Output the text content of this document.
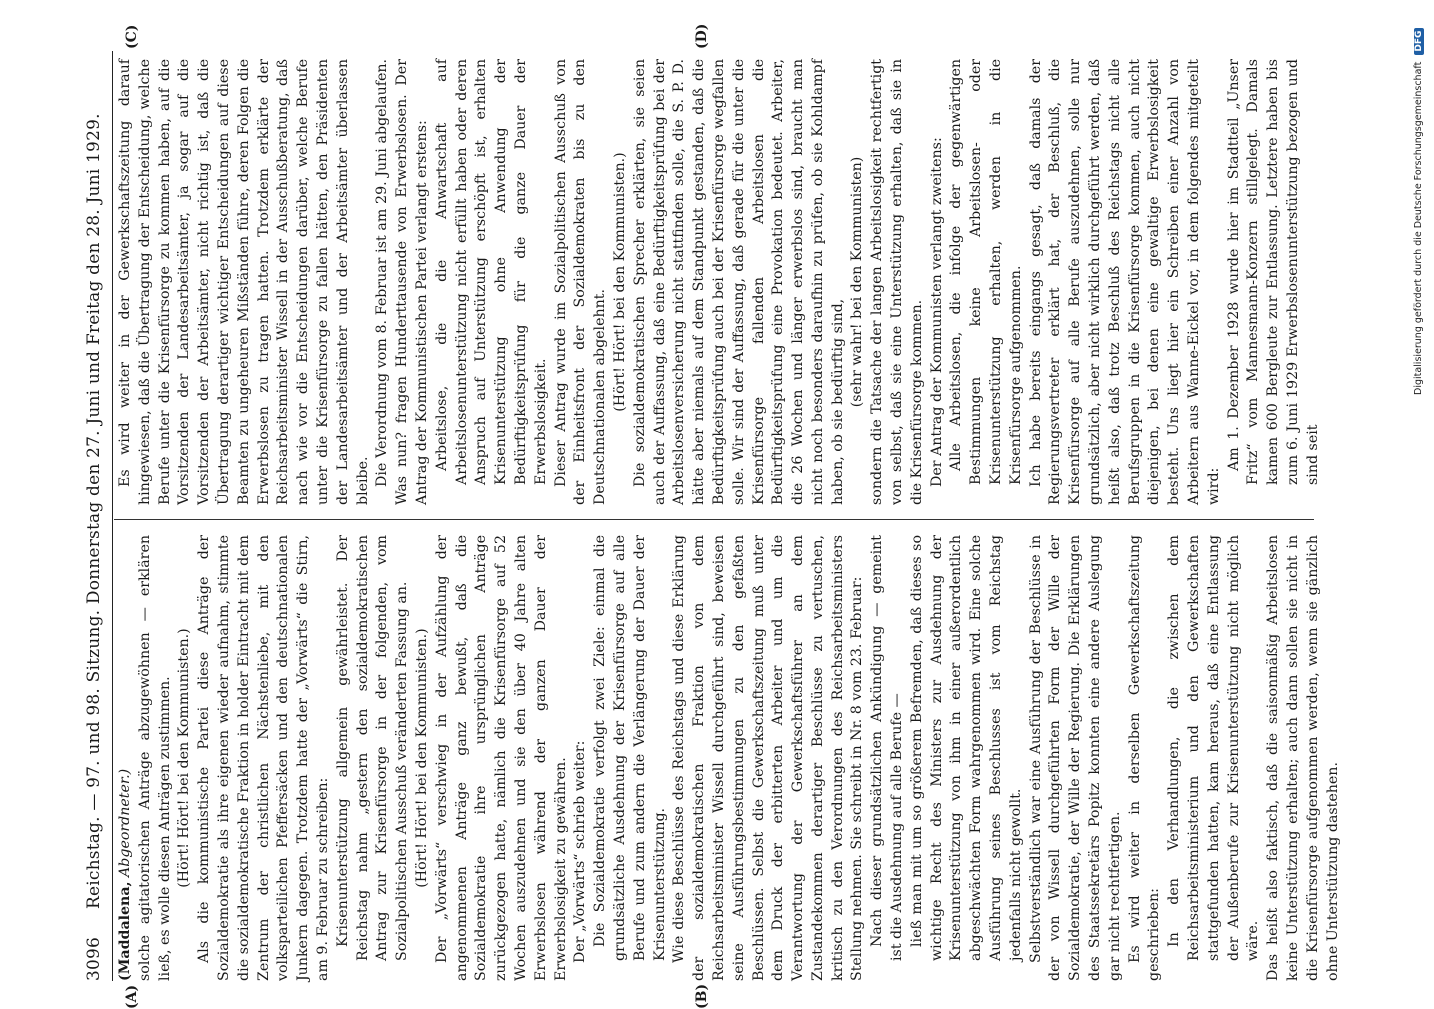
3096
Reichstag. — 97. und 98. Sitzung. Donnerstag den 27. Juni und Freitag den 28. Juni 1929.

(Maddalena, Abgeordneter.) solche agitatorischen Anträge abzugewöhnen — erklären ließ, es wolle diesen Anträgen zustimmen. (Hört! Hört! bei den Kommunisten.) Als die kommunistische Partei diese Anträge der Sozialdemokratie als ihre eigenen wieder aufnahm, stimmte die sozialdemokratische Fraktion in holder Eintracht mit dem Zentrum der christlichen Nächstenliebe, mit den volksparteilichen Pfeffersäcken und den deutschnationalen Junkern dagegen. Trotzdem hatte der „Vorwärts“ die Stirn, am 9. Februar zu schreiben: Krisenunterstützung allgemein gewährleistet. Der Reichstag nahm „gestern den sozialdemokratischen Antrag zur Krisenfürsorge in der folgenden, vom Sozialpolitischen Ausschuß veränderten Fassung an. (Hört! Hört! bei den Kommunisten.) Der „Vorwärts“ verschwieg in der Aufzählung der angenommenen Anträge ganz bewußt, daß die Sozialdemokratie ihre ursprünglichen Anträge zurückgezogen hatte, nämlich die Krisenfürsorge auf 52 Wochen auszudehnen und sie den über 40 Jahre alten Erwerbslosen während der ganzen Dauer der Erwerbslosigkeit zu gewähren. Der „Vorwärts“ schrieb weiter: Die Sozialdemokratie verfolgt zwei Ziele: einmal die grundsätzliche Ausdehnung der Krisenfürsorge auf alle Berufe und zum andern die Verlängerung der Dauer der Krisenunterstützung. Wie diese Beschlüsse des Reichstags und diese Erklärung der sozialdemokratischen Fraktion von dem Reichsarbeitsminister Wissell durchgeführt sind, beweisen seine Ausführungsbestimmungen zu den gefaßten Beschlüssen. Selbst die Gewerkschaftszeitung muß unter dem Druck der erbitterten Arbeiter und um die Verantwortung der Gewerkschaftsführer an dem Zustandekommen derartiger Beschlüsse zu vertuschen, kritisch zu den Verordnungen des Reichsarbeitsministers Stellung nehmen. Sie schreibt in Nr. 8 vom 23. Februar: Nach dieser grundsätzlichen Ankündigung — gemeint ist die Ausdehnung auf alle Berufe — ließ man mit um so größerem Befremden, daß dieses so wichtige Recht des Ministers zur Ausdehnung der Krisenunterstützung von ihm in einer außerordentlich abgeschwächten Form wahrgenommen wird. Eine solche Ausführung seines Beschlusses ist vom Reichstag jedenfalls nicht gewollt. Selbstverständlich war eine Ausführung der Beschlüsse in der von Wissell durchgeführten Form der Wille der Sozialdemokratie, der Wille der Regierung. Die Erklärungen des Staatssekretärs Popitz konnten eine andere Auslegung gar nicht rechtfertigen. Es wird weiter in derselben Gewerkschaftszeitung geschrieben: In den Verhandlungen, die zwischen dem Reichsarbeitsministerium und den Gewerkschaften stattgefunden hatten, kam heraus, daß eine Entlassung der Außenberufe zur Krisenunterstützung nicht möglich wäre. Das heißt also faktisch, daß die saisonmäßig Arbeitslosen keine Unterstützung erhalten; auch dann sollen sie nicht in die Krisenfürsorge aufgenommen werden, wenn sie gänzlich ohne Unterstützung dastehen.

Es wird weiter in der Gewerkschaftszeitung darauf hingewiesen, daß die Übertragung der Entscheidung, welche Berufe unter die Krisenfürsorge zu kommen haben, auf die Vorsitzenden der Landesarbeitsämter, ja sogar auf die Vorsitzenden der Arbeitsämter, nicht richtig ist, daß die Übertragung derartiger wichtiger Entscheidungen auf diese Beamten zu ungeheuren Mißständen führe, deren Folgen die Erwerbslosen zu tragen hatten. Trotzdem erklärte der Reichsarbeitsminister Wissell in der Ausschußberatung, daß nach wie vor die Entscheidungen darüber, welche Berufe unter die Krisenfürsorge zu fallen hätten, den Präsidenten der Landesarbeitsämter und der Arbeitsämter überlassen bleibe. Die Verordnung vom 8. Februar ist am 29. Juni abgelaufen. Was nun? fragen Hunderttausende von Erwerbslosen. Der Antrag der Kommunistischen Partei verlangt erstens: Arbeitslose, die die Anwartschaft auf Arbeitslosenunterstützung nicht erfüllt haben oder deren Anspruch auf Unterstützung erschöpft ist, erhalten Krisenunterstützung ohne Anwendung der Bedürftigkeitsprüfung für die ganze Dauer der Erwerbslosigkeit. Dieser Antrag wurde im Sozialpolitischen Ausschuß von der Einheitsfront der Sozialdemokraten bis zu den Deutschnationalen abgelehnt. (Hört! Hört! bei den Kommunisten.) Die sozialdemokratischen Sprecher erklärten, sie seien auch der Auffassung, daß eine Bedürftigkeitsprüfung bei der Arbeitslosenversicherung nicht stattfinden solle, die S. P. D. hätte aber niemals auf dem Standpunkt gestanden, daß die Bedürftigkeitsprüfung auch bei der Krisenfürsorge wegfallen solle. Wir sind der Auffassung, daß gerade für die unter die Krisenfürsorge fallenden Arbeitslosen die Bedürftigkeitsprüfung eine Provokation bedeutet. Arbeiter, die 26 Wochen und länger erwerbslos sind, braucht man nicht noch besonders daraufhin zu prüfen, ob sie Kohldampf haben, ob sie bedürftig sind, (sehr wahr! bei den Kommunisten) sondern die Tatsache der langen Arbeitslosigkeit rechtfertigt von selbst, daß sie eine Unterstützung erhalten, daß sie in die Krisenfürsorge kommen. Der Antrag der Kommunisten verlangt zweitens: Alle Arbeitslosen, die infolge der gegenwärtigen Bestimmungen keine Arbeitslosen- oder Krisenunterstützung erhalten, werden in die Krisenfürsorge aufgenommen. Ich habe bereits eingangs gesagt, daß damals der Regierungsvertreter erklärt hat, der Beschluß, die Krisenfürsorge auf alle Berufe auszudehnen, solle nur grundsätzlich, aber nicht wirklich durchgeführt werden, daß heißt also, daß trotz Beschluß des Reichstags nicht alle Berufsgruppen in die Krisenfürsorge kommen, auch nicht diejenigen, bei denen eine gewaltige Erwerbslosigkeit besteht. Uns liegt hier ein Schreiben einer Anzahl von Arbeitern aus Wanne-Eickel vor, in dem folgendes mitgeteilt wird:

Am 1. Dezember 1928 wurde hier im Stadtteil „Unser Fritz“ vom Mannesmann-Konzern stillgelegt. Damals kamen 600 Bergleute zur Entlassung. Letztere haben bis zum 6. Juni 1929 Erwerbslosenunterstützung bezogen und sind seit

(A)	(B)
(C)	(D)
Digitalisierung gefördert durch die Deutsche Forschungsgemeinschaft DFG
